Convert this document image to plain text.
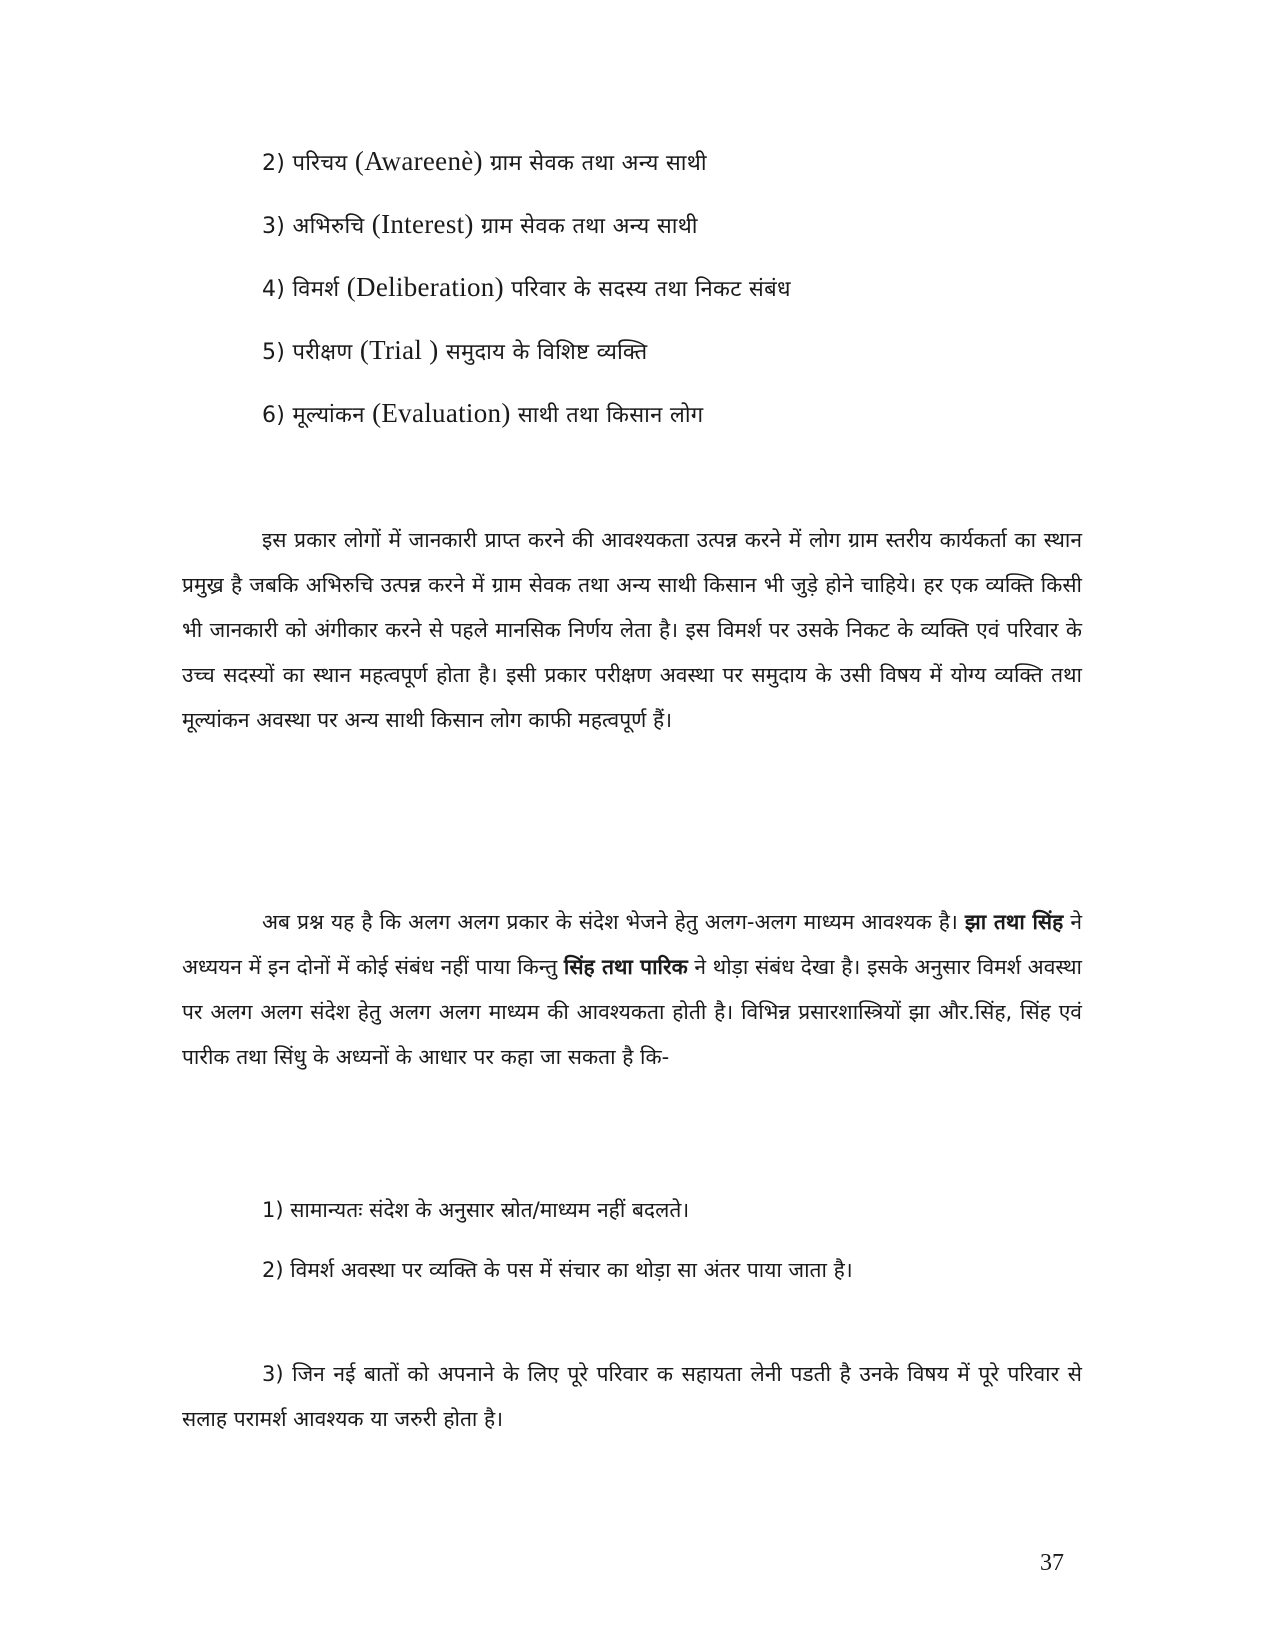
2) परिचय (Awareenè) ग्राम सेवक तथा अन्य साथी
3) अभिरुचि (Interest) ग्राम सेवक तथा अन्य साथी
4) विमर्श (Deliberation) परिवार के सदस्य तथा निकट संबंध
5) परीक्षण (Trial ) समुदाय के विशिष्ट व्यक्ति
6) मूल्यांकन (Evaluation) साथी तथा किसान लोग

इस प्रकार लोगों में जानकारी प्राप्त करने की आवश्यकता उत्पन्न करने में लोग ग्राम स्तरीय कार्यकर्ता का स्थान प्रमुख्र है जबकि अभिरुचि उत्पन्न करने में ग्राम सेवक तथा अन्य साथी किसान भी जुड़े होने चाहिये। हर एक व्यक्ति किसी भी जानकारी को अंगीकार करने से पहले मानसिक निर्णय लेता है। इस विमर्श पर उसके निकट के व्यक्ति एवं परिवार के उच्च सदस्यों का स्थान महत्वपूर्ण होता है। इसी प्रकार परीक्षण अवस्था पर समुदाय के उसी विषय में योग्य व्यक्ति तथा मूल्यांकन अवस्था पर अन्य साथी किसान लोग काफी महत्वपूर्ण हैं।

अब प्रश्न यह है कि अलग अलग प्रकार के संदेश भेजने हेतु अलग-अलग माध्यम आवश्यक है। झा तथा सिंह ने अध्ययन में इन दोनों में कोई संबंध नहीं पाया किन्तु सिंह तथा पारिक ने थोड़ा संबंध देखा है। इसके अनुसार विमर्श अवस्था पर अलग अलग संदेश हेतु अलग अलग माध्यम की आवश्यकता होती है। विभिन्न प्रसारशास्त्रियों झा और.सिंह, सिंह एवं पारीक तथा सिंधु के अध्यनों के आधार पर कहा जा सकता है कि-

1) सामान्यतः संदेश के अनुसार स्रोत/माध्यम नहीं बदलते।

2) विमर्श अवस्था पर व्यक्ति के पस में संचार का थोड़ा सा अंतर पाया जाता है।

3) जिन नई बातों को अपनाने के लिए पूरे परिवार क सहायता लेनी पडती है उनके विषय में पूरे परिवार से सलाह परामर्श आवश्यक या जरुरी होता है।

37
